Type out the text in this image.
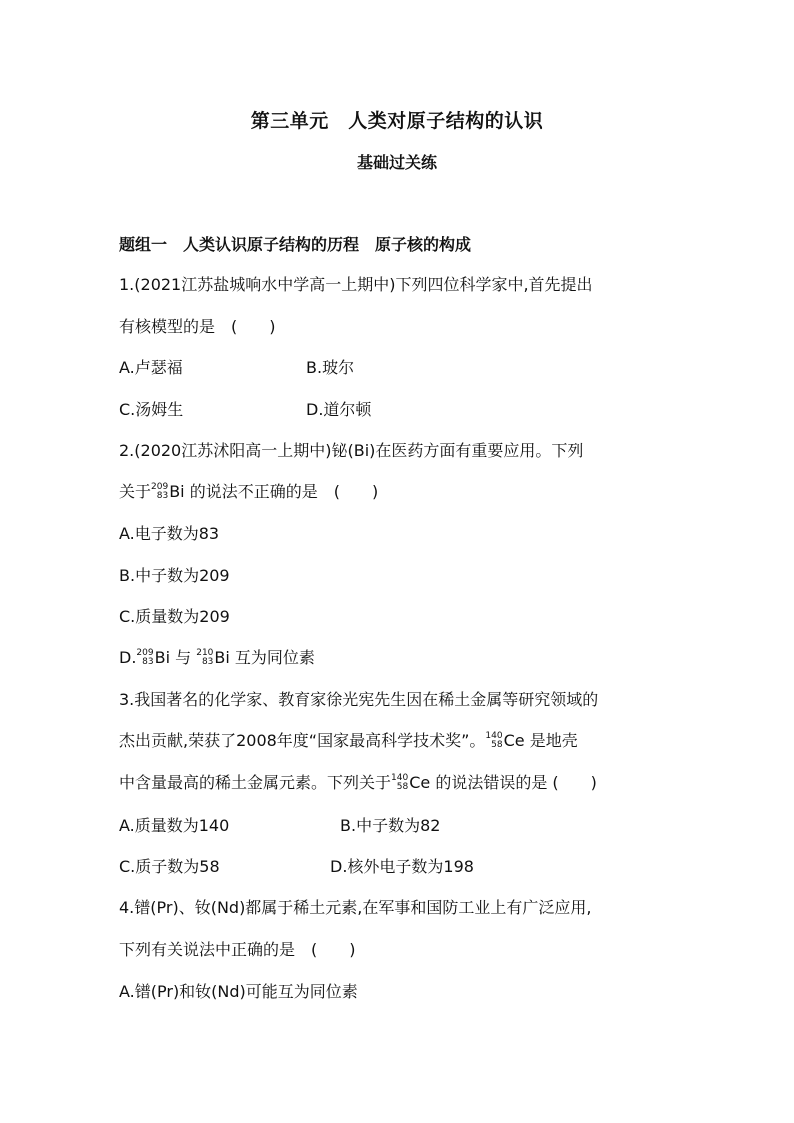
第三单元　人类对原子结构的认识
基础过关练
题组一　人类认识原子结构的历程　原子核的构成
1.(2021江苏盐城响水中学高一上期中)下列四位科学家中,首先提出
有核模型的是　(　　)
A.卢瑟福	B.玻尔
C.汤姆生	D.道尔顿
2.(2020江苏沭阳高一上期中)铋(Bi)在医药方面有重要应用。下列
关于 209
83 Bi 的说法不正确的是　(　　)
A.电子数为83
B.中子数为209
C.质量数为209
D. 209
83 Bi 与 210
83 Bi 互为同位素
3.我国著名的化学家、教育家徐光宪先生因在稀土金属等研究领域的
杰出贡献,荣获了2008年度“国家最高科学技术奖”。 140
58 Ce 是地壳
中含量最高的稀土金属元素。下列关于 140
58 Ce 的说法错误的是 (　　)
A.质量数为140	B.中子数为82
C.质子数为58	D.核外电子数为198
4.镨(Pr)、钕(Nd)都属于稀土元素,在军事和国防工业上有广泛应用,
下列有关说法中正确的是　(　　)
A.镨(Pr)和钕(Nd)可能互为同位素
